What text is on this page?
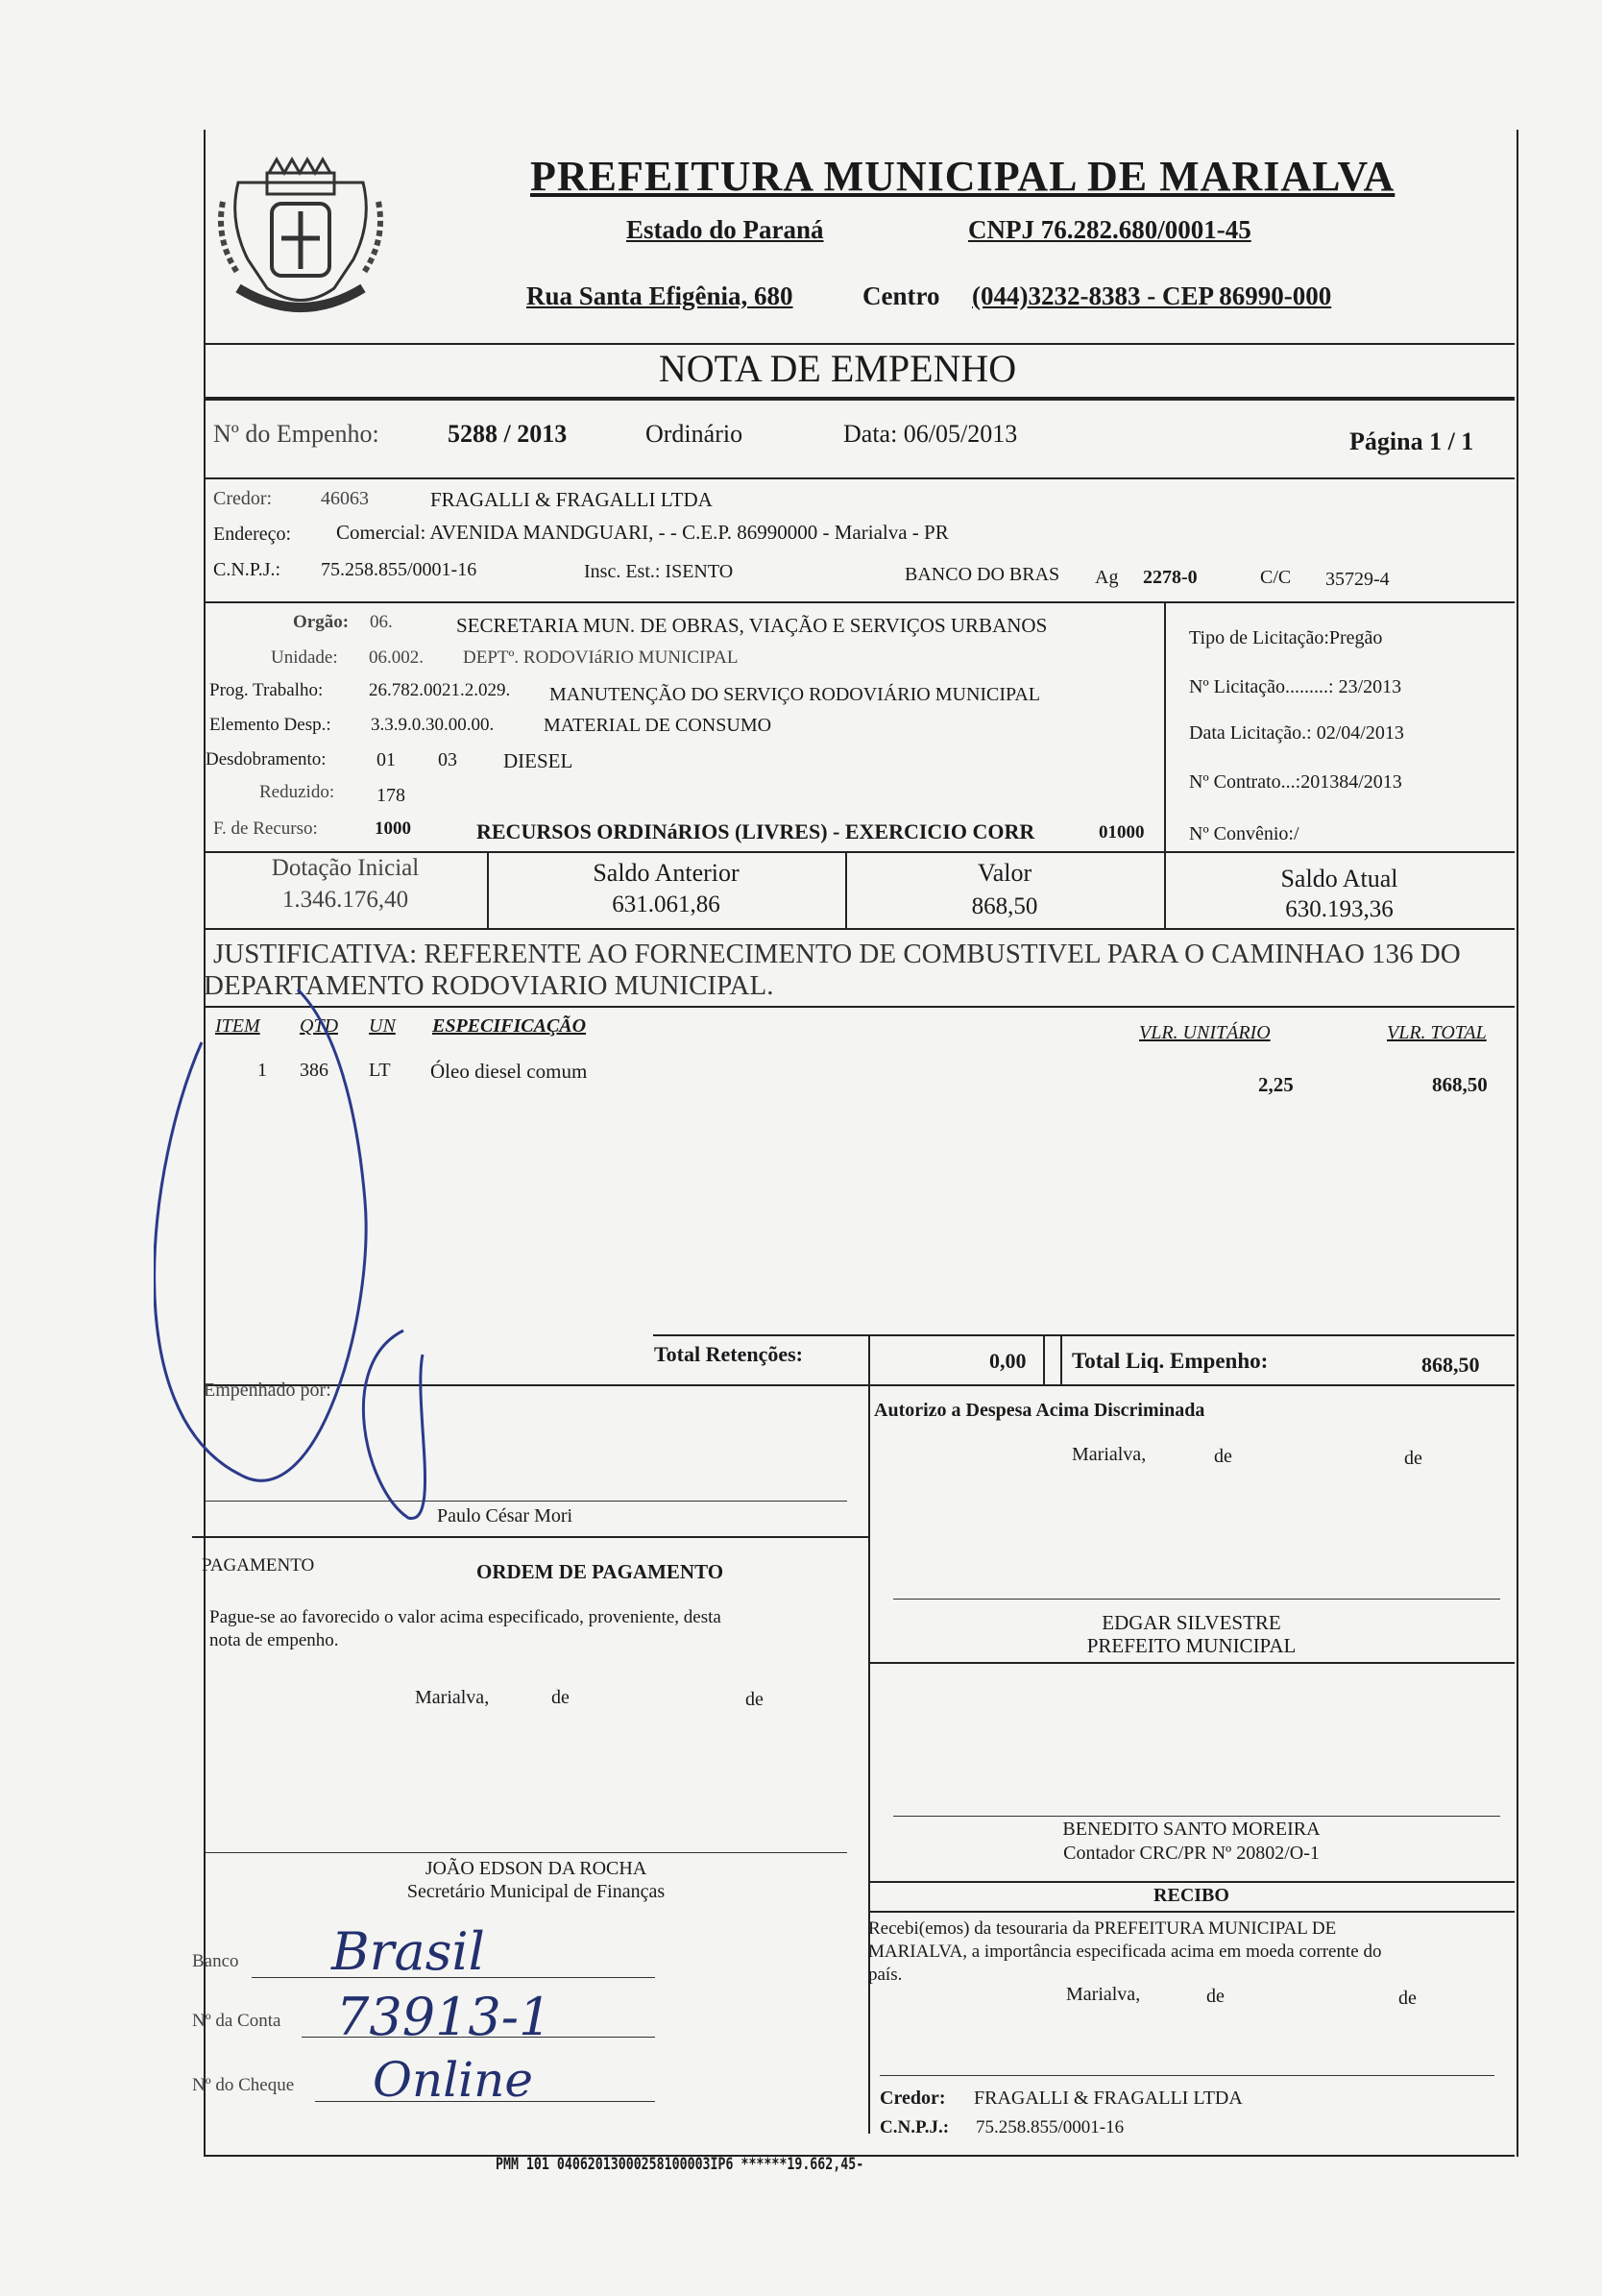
PREFEITURA MUNICIPAL DE MARIALVA
Estado do Paraná	CNPJ 76.282.680/0001-45
Rua Santa Efigênia, 680	Centro (044)3232-8383 - CEP 86990-000
NOTA DE EMPENHO
Nº do Empenho:	5288 / 2013	Ordinário	Data: 06/05/2013	Página 1 / 1
Credor:	46063	FRAGALLI & FRAGALLI LTDA
Endereço: Comercial: AVENIDA MANDGUARI, - - C.E.P. 86990000 - Marialva - PR
C.N.P.J.: 75.258.855/0001-16	Insc. Est.: ISENTO	BANCO DO BRAS Ag 2278-0	C/C 35729-4
Orgão: 06.	SECRETARIA MUN. DE OBRAS, VIAÇÃO E SERVIÇOS URBANOS
Unidade: 06.002. DEPTº. RODOVIáRIO MUNICIPAL
Prog. Trabalho:	26.782.0021.2.029. MANUTENÇÃO DO SERVIÇO RODOVIÁRIO MUNICIPAL
Elemento Desp.: 3.3.9.0.30.00.00.	MATERIAL DE CONSUMO
Desdobramento:	01 03 DIESEL
Reduzido: 178
F. de Recurso:	1000	RECURSOS ORDINáRIOS (LIVRES) - EXERCICIO CORR	01000
Tipo de Licitação:Pregão
Nº Licitação.........: 23/2013
Data Licitação.: 02/04/2013
Nº Contrato...:201384/2013
Nº Convênio:/
Dotação Inicial
1.346.176,40
Saldo Anterior
631.061,86
Valor
868,50
Saldo Atual
630.193,36
JUSTIFICATIVA: REFERENTE AO FORNECIMENTO DE COMBUSTIVEL PARA O CAMINHAO 136 DO
DEPARTAMENTO RODOVIARIO MUNICIPAL.
ITEM QTD UN ESPECIFICAÇÃO	VLR. UNITÁRIO	VLR. TOTAL
1 386 LT Óleo diesel comum
2,25	868,50
Total Retenções:	0,00 Total Liq. Empenho:	868,50
Empenhado por:
Autorizo a Despesa Acima Discriminada
Marialva,	de	de
Paulo César Mori
PAGAMENTO	ORDEM DE PAGAMENTO
Pague-se ao favorecido o valor acima especificado, proveniente, desta
nota de empenho.
Marialva,	de	de
EDGAR SILVESTRE
PREFEITO MUNICIPAL
BENEDITO SANTO MOREIRA
Contador CRC/PR Nº 20802/O-1
JOÃO EDSON DA ROCHA
Secretário Municipal de Finanças
Banco Brasil
Nº da Conta 73913-1
Nº do Cheque Online
RECIBO
Recebi(emos) da tesouraria da PREFEITURA MUNICIPAL DE
MARIALVA, a importância especificada acima em moeda corrente do
país.
Marialva,	de	de
Credor: FRAGALLI & FRAGALLI LTDA
C.N.P.J.: 75.258.855/0001-16
PMM 101 04062013000258100003IP6 ******19.662,45-
